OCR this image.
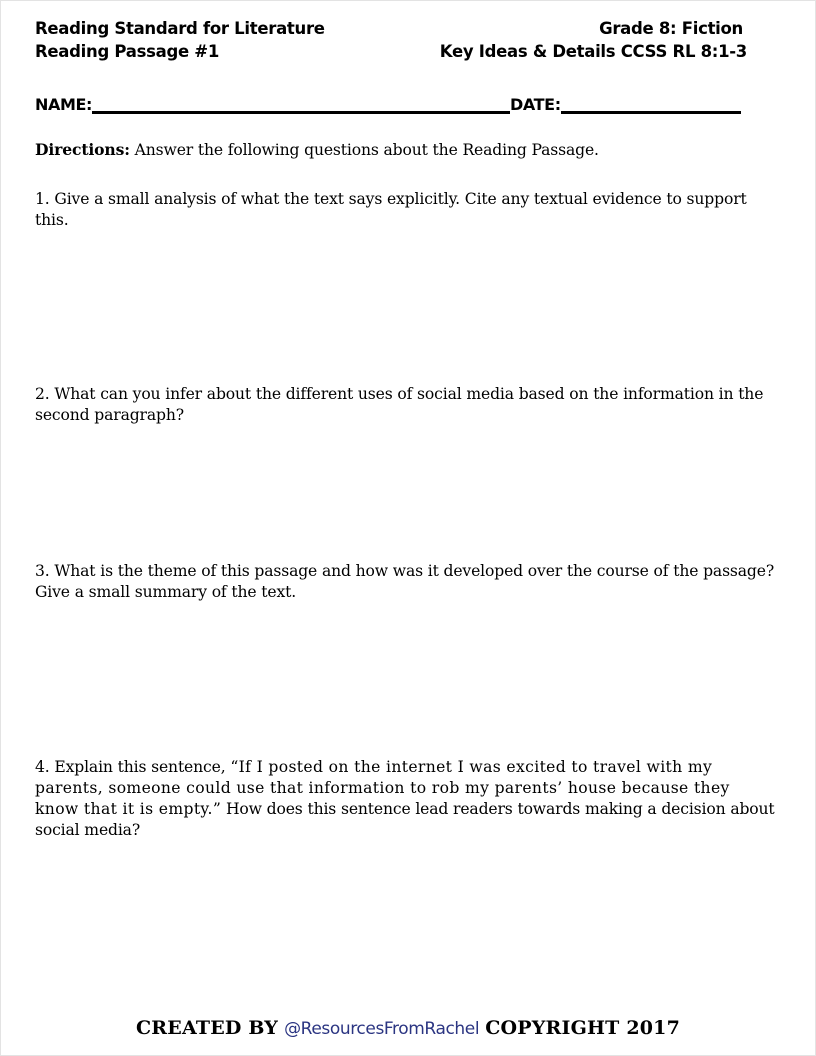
Reading Standard for Literature
Reading Passage #1
Grade 8: Fiction
Key Ideas & Details CCSS RL 8:1-3
NAME:	DATE:
Directions: Answer the following questions about the Reading Passage.
1. Give a small analysis of what the text says explicitly. Cite any textual evidence to support this.
2. What can you infer about the different uses of social media based on the information in the second paragraph?
3. What is the theme of this passage and how was it developed over the course of the passage? Give a small summary of the text.
4. Explain this sentence, “If I posted on the internet I was excited to travel with my parents, someone could use that information to rob my parents’ house because they know that it is empty.” How does this sentence lead readers towards making a decision about social media?
CREATED BY @ResourcesFromRachel COPYRIGHT 2017
